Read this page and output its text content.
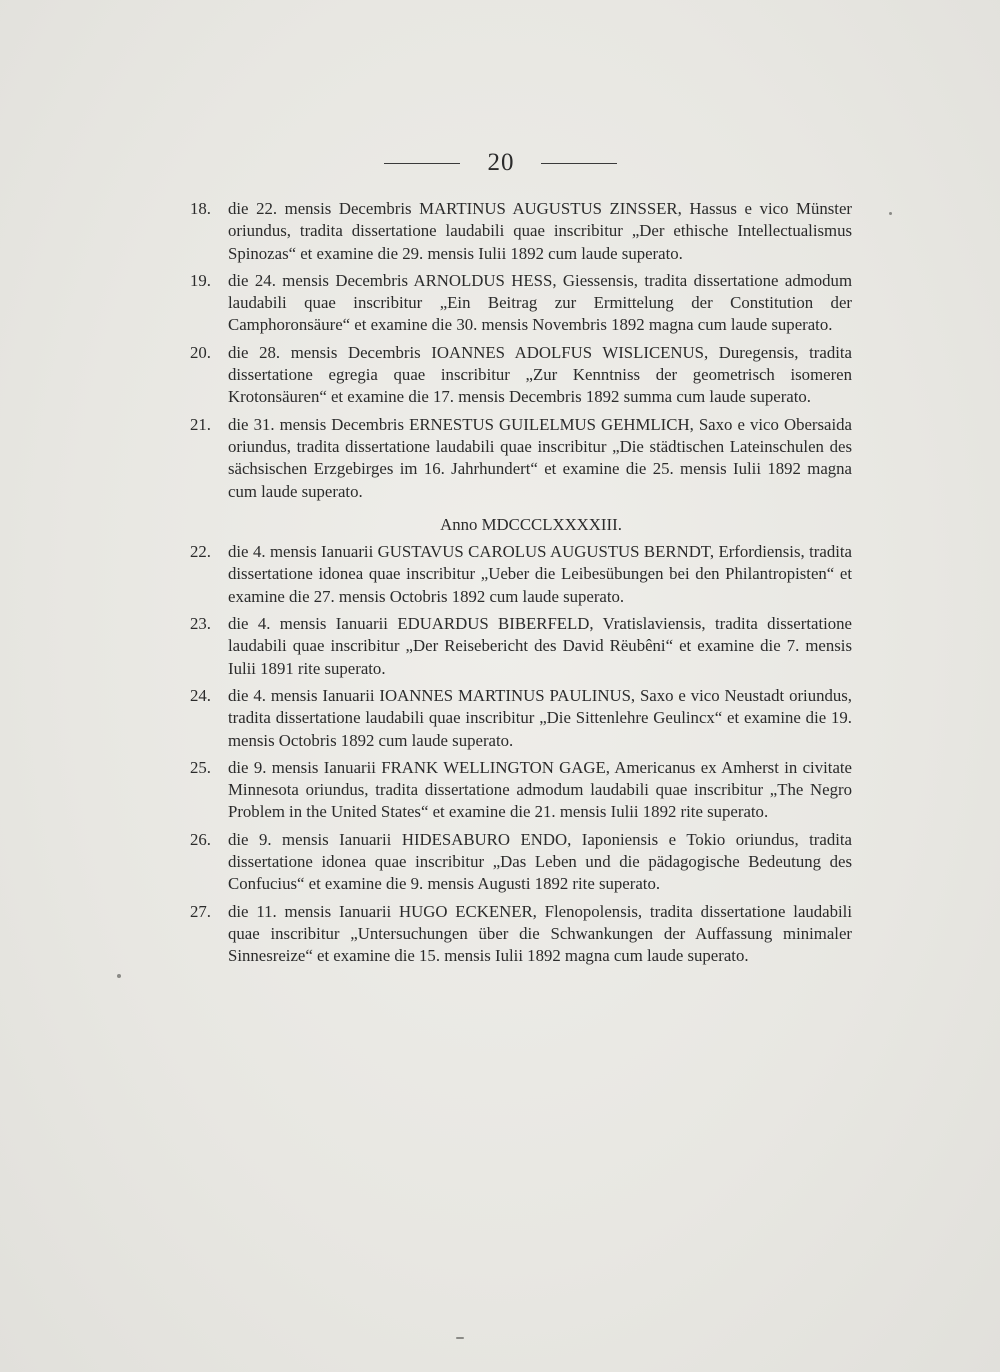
20
18. die 22. mensis Decembris MARTINUS AUGUSTUS ZINSSER, Hassus e vico Münster oriundus, tradita dissertatione laudabili quae inscribitur „Der ethische Intellectualismus Spinozas“ et examine die 29. mensis Iulii 1892 cum laude superato.
19. die 24. mensis Decembris ARNOLDUS HESS, Giessensis, tradita dissertatione admodum laudabili quae inscribitur „Ein Beitrag zur Ermittelung der Constitution der Camphoronsäure“ et examine die 30. mensis Novembris 1892 magna cum laude superato.
20. die 28. mensis Decembris IOANNES ADOLFUS WISLICENUS, Duregensis, tradita dissertatione egregia quae inscribitur „Zur Kenntniss der geometrisch isomeren Krotonsäuren“ et examine die 17. mensis Decembris 1892 summa cum laude superato.
21. die 31. mensis Decembris ERNESTUS GUILELMUS GEHMLICH, Saxo e vico Obersaida oriundus, tradita dissertatione laudabili quae inscribitur „Die städtischen Lateinschulen des sächsischen Erzgebirges im 16. Jahrhundert“ et examine die 25. mensis Iulii 1892 magna cum laude superato.
Anno MDCCCLXXXXIII.
22. die 4. mensis Ianuarii GUSTAVUS CAROLUS AUGUSTUS BERNDT, Erfordiensis, tradita dissertatione idonea quae inscribitur „Ueber die Leibesübungen bei den Philantropisten“ et examine die 27. mensis Octobris 1892 cum laude superato.
23. die 4. mensis Ianuarii EDUARDUS BIBERFELD, Vratislaviensis, tradita dissertatione laudabili quae inscribitur „Der Reisebericht des David Rëubêni“ et examine die 7. mensis Iulii 1891 rite superato.
24. die 4. mensis Ianuarii IOANNES MARTINUS PAULINUS, Saxo e vico Neustadt oriundus, tradita dissertatione laudabili quae inscribitur „Die Sittenlehre Geulincx“ et examine die 19. mensis Octobris 1892 cum laude superato.
25. die 9. mensis Ianuarii FRANK WELLINGTON GAGE, Americanus ex Amherst in civitate Minnesota oriundus, tradita dissertatione admodum laudabili quae inscribitur „The Negro Problem in the United States“ et examine die 21. mensis Iulii 1892 rite superato.
26. die 9. mensis Ianuarii HIDESABURO ENDO, Iaponiensis e Tokio oriundus, tradita dissertatione idonea quae inscribitur „Das Leben und die pädagogische Bedeutung des Confucius“ et examine die 9. mensis Augusti 1892 rite superato.
27. die 11. mensis Ianuarii HUGO ECKENER, Flenopolensis, tradita dissertatione laudabili quae inscribitur „Untersuchungen über die Schwankungen der Auffassung minimaler Sinnesreize“ et examine die 15. mensis Iulii 1892 magna cum laude superato.
